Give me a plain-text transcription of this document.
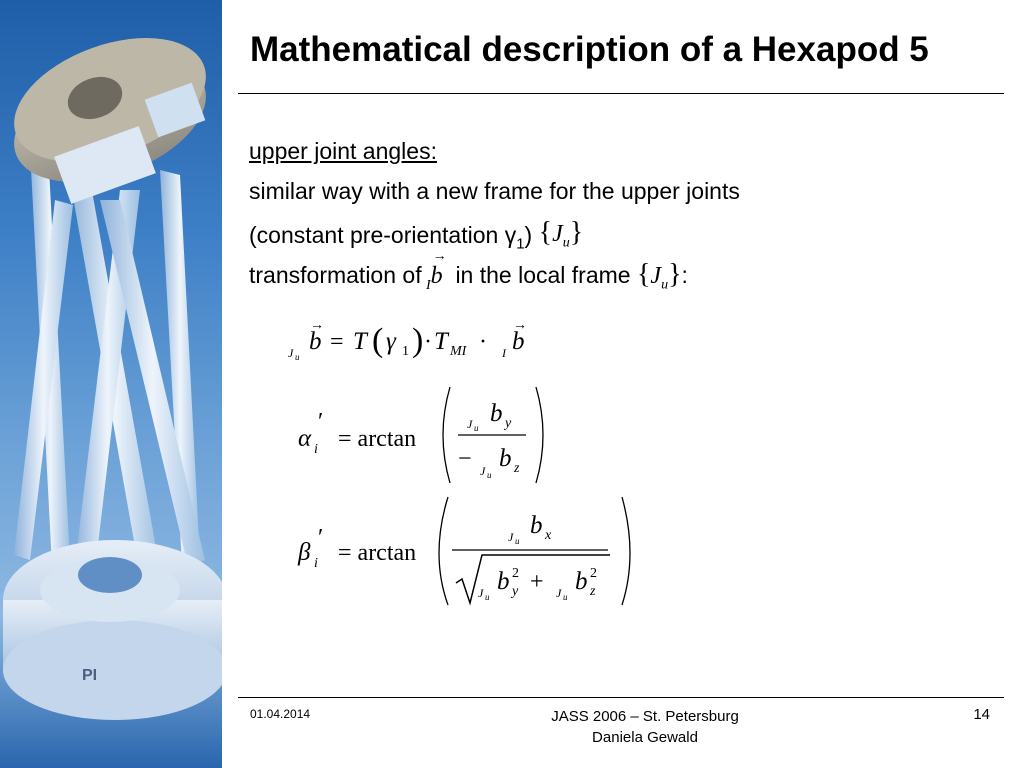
PI
Mathematical description of a Hexapod 5
upper joint angles:
similar way with a new frame for the upper joints
(constant pre-orientation $\gamma_1$) $\{J_u\}$
transformation of $_I$
→
b in the local frame $\{J_u\}$:
J u
b
→
= T ( γ 1 ) · T MI · I b
→
α i
′
= arctan
J u
b y
− J u
b z
β i
′
= arctan
J u
b x
J u
b 2
y + J u
b 2
z
01.04.2014	JASS 2006 – St. Petersburg
Daniela Gewald
14
